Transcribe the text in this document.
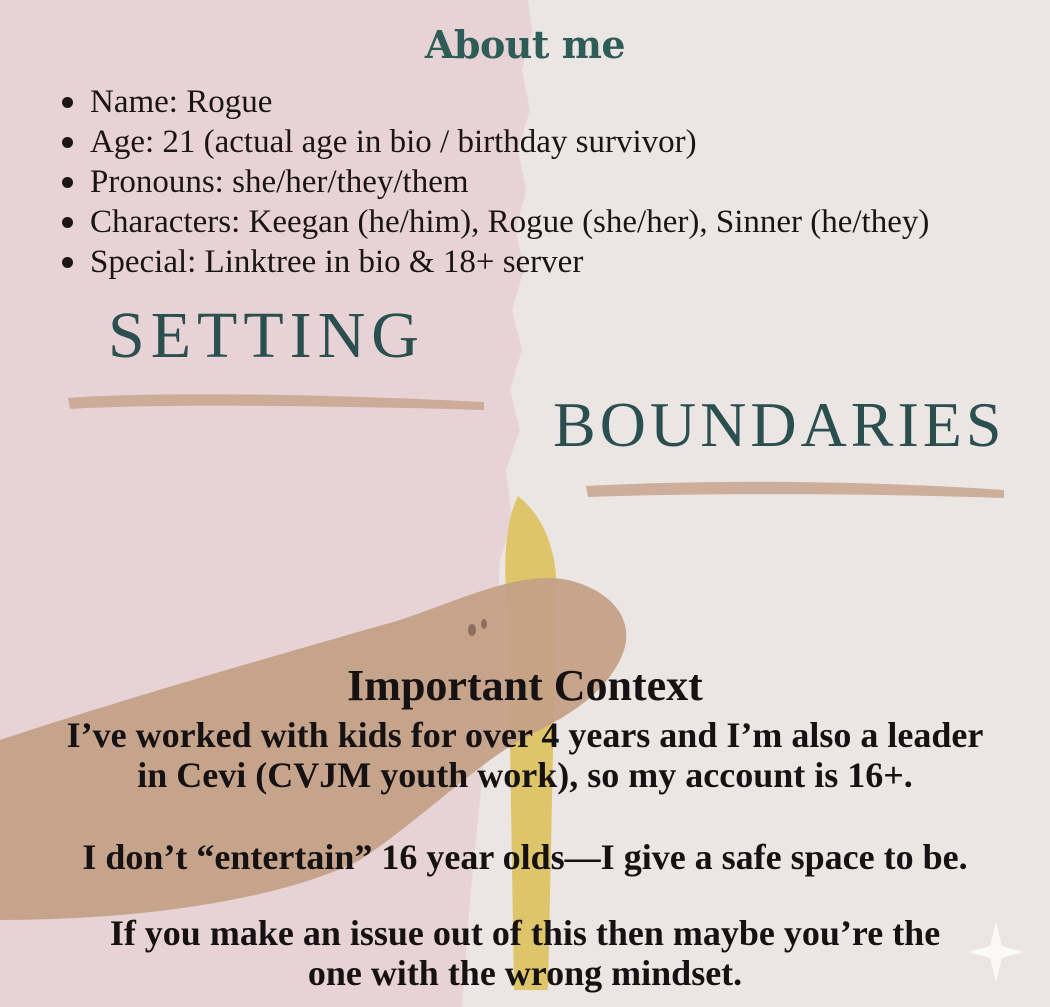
About me
Name: Rogue
Age: 21 (actual age in bio / birthday survivor)
Pronouns: she/her/they/them
Characters: Keegan (he/him), Rogue (she/her), Sinner (he/they)
Special: Linktree in bio & 18+ server
SETTING
BOUNDARIES
Important Context
I’ve worked with kids for over 4 years and I’m also a leader
in Cevi (CVJM youth work), so my account is 16+.
I don’t “entertain” 16 year olds—I give a safe space to be.
If you make an issue out of this then maybe you’re the
one with the wrong mindset.
